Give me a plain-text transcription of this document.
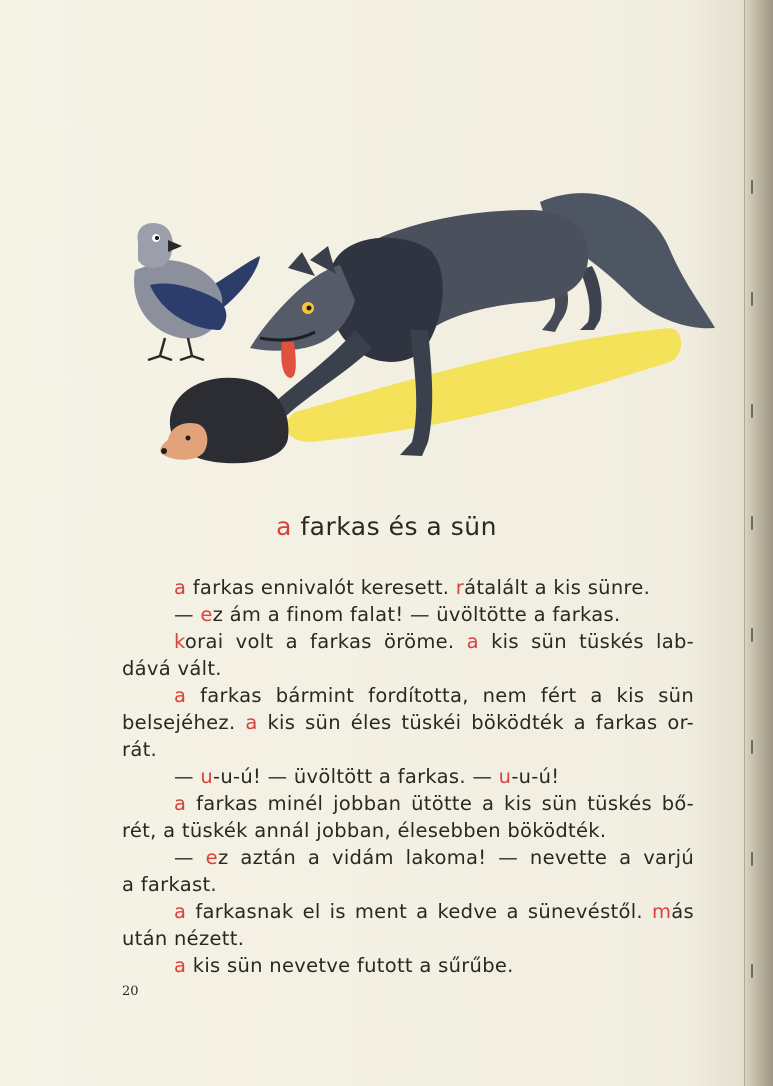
a farkas és a sün
a farkas ennivalót keresett. rátalált a kis sünre.
— ez ám a finom falat! — üvöltötte a farkas.
korai volt a farkas öröme. a kis sün tüskés lab-
dává vált.
a farkas bármint fordította, nem fért a kis sün
belsejéhez. a kis sün éles tüskéi böködték a farkas or-
rát.
— u-u-ú! — üvöltött a farkas. — u-u-ú!
a farkas minél jobban ütötte a kis sün tüskés bő-
rét, a tüskék annál jobban, élesebben böködték.
— ez aztán a vidám lakoma! — nevette a varjú
a farkast.
a farkasnak el is ment a kedve a sünevéstől. más
után nézett.
a kis sün nevetve futott a sűrűbe.
20
